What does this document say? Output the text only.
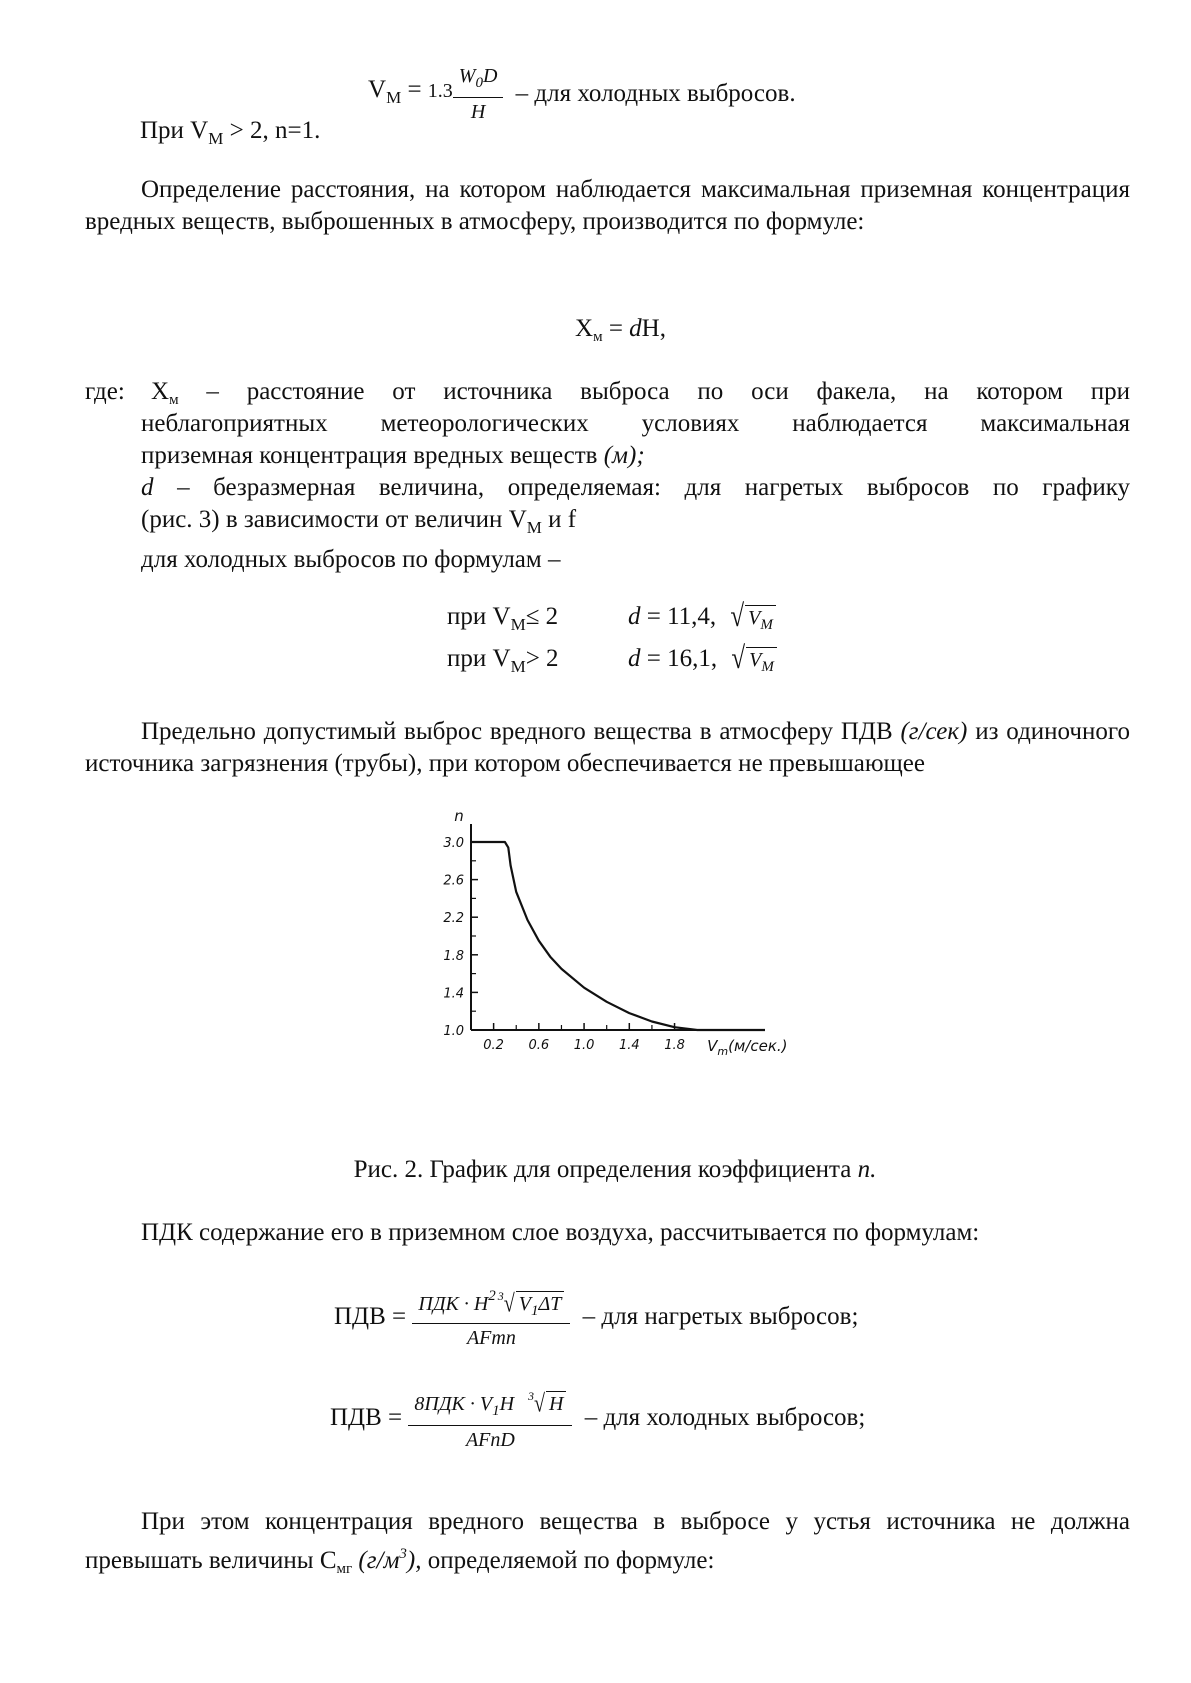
$V_М = 1.3 \frac{W_0D}{H}$ – для холодных выбросов.
При $V_М > 2$, n=1.
Определение расстояния, на котором наблюдается максимальная приземная концентрация вредных веществ, выброшенных в атмосферу, производится по формуле:
$Х_м$ = dН,
где: $Х_м$ – расстояние от источника выброса по оси факела, на котором при
неблагоприятных метеорологических условиях наблюдается максимальная
приземная концентрация вредных веществ (м);
d – безразмерная величина, определяемая: для нагретых выбросов по графику
(рис. 3) в зависимости от величин $V_М$ и f
для холодных выбросов по формулам –
при $V_М\le 2$	d = 11,4, √ $V_M$
при $V_М> 2$	d = 16,1, √ $V_M$
Предельно допустимый выброс вредного вещества в атмосферу ПДВ (г/сек) из одиночного источника загрязнения (трубы), при котором обеспечивается не превышающее
1.0
1.4
1.8
2.2
2.6
3.0
0.2 0.6 1.0 1.4 1.8
n
$V_m(м/сек.)$
Рис. 2. График для определения коэффициента n.
ПДК содержание его в приземном слое воздуха, рассчитывается по формулам:
ПДВ = $\frac{ПДК \cdot H^2 ^3√ V_1\Delta T}{\text{AFmn}}$ – для нагретых выбросов;
ПДВ = $\frac{8ПДК \cdot V_1H ^3√ H}{\text{AFnD}}$ – для холодных выбросов;
При этом концентрация вредного вещества в выбросе у устья источника не должна превышать величины $С_{мг}$ $(г/м^3)$, определяемой по формуле:
